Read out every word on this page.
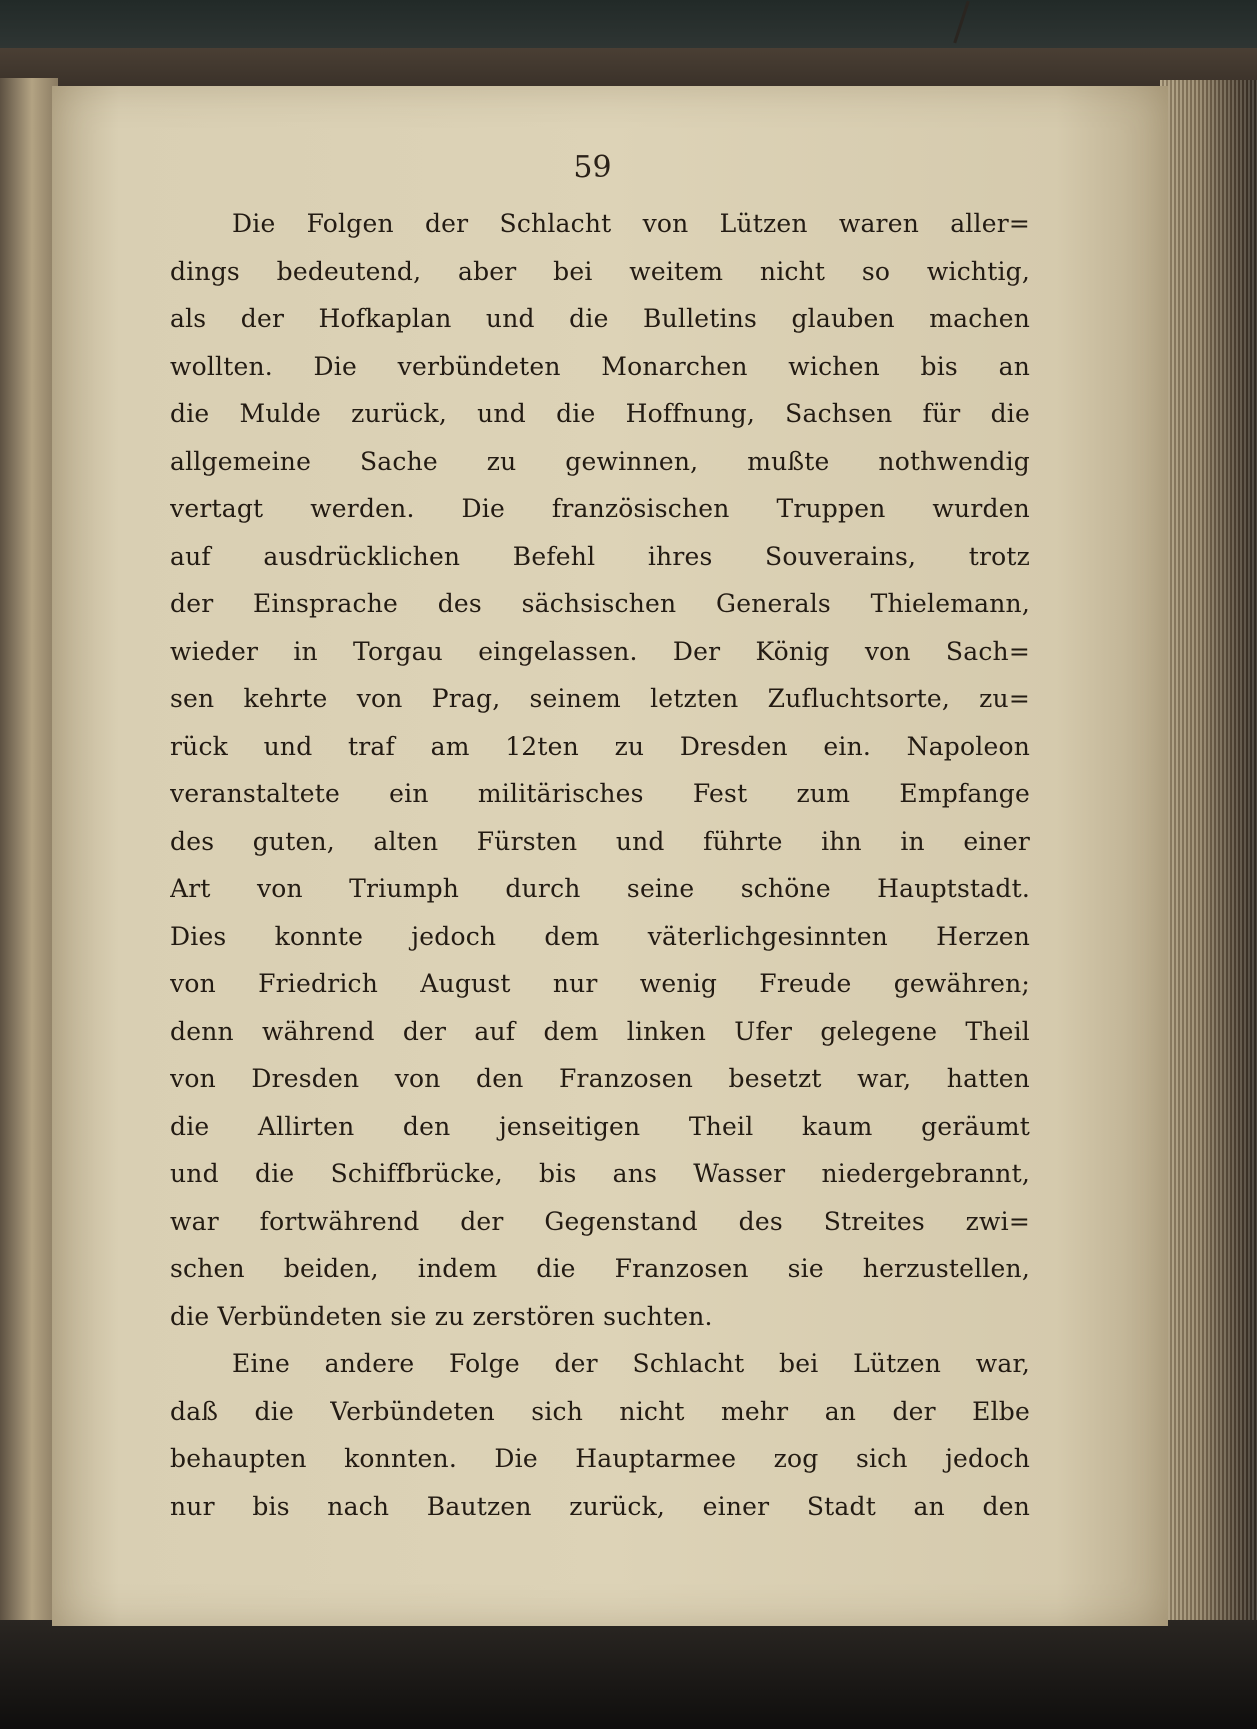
59
Die Folgen der Schlacht von Lützen waren aller=
dings bedeutend, aber bei weitem nicht so wichtig,
als der Hofkaplan und die Bulletins glauben machen
wollten. Die verbündeten Monarchen wichen bis an
die Mulde zurück, und die Hoffnung, Sachsen für die
allgemeine Sache zu gewinnen, mußte nothwendig
vertagt werden. Die französischen Truppen wurden
auf ausdrücklichen Befehl ihres Souverains, trotz
der Einsprache des sächsischen Generals Thielemann,
wieder in Torgau eingelassen. Der König von Sach=
sen kehrte von Prag, seinem letzten Zufluchtsorte, zu=
rück und traf am 12ten zu Dresden ein. Napoleon
veranstaltete ein militärisches Fest zum Empfange
des guten, alten Fürsten und führte ihn in einer
Art von Triumph durch seine schöne Hauptstadt.
Dies konnte jedoch dem väterlichgesinnten Herzen
von Friedrich August nur wenig Freude gewähren;
denn während der auf dem linken Ufer gelegene Theil
von Dresden von den Franzosen besetzt war, hatten
die Allirten den jenseitigen Theil kaum geräumt
und die Schiffbrücke, bis ans Wasser niedergebrannt,
war fortwährend der Gegenstand des Streites zwi=
schen beiden, indem die Franzosen sie herzustellen,
die Verbündeten sie zu zerstören suchten.
Eine andere Folge der Schlacht bei Lützen war,
daß die Verbündeten sich nicht mehr an der Elbe
behaupten konnten. Die Hauptarmee zog sich jedoch
nur bis nach Bautzen zurück, einer Stadt an den
